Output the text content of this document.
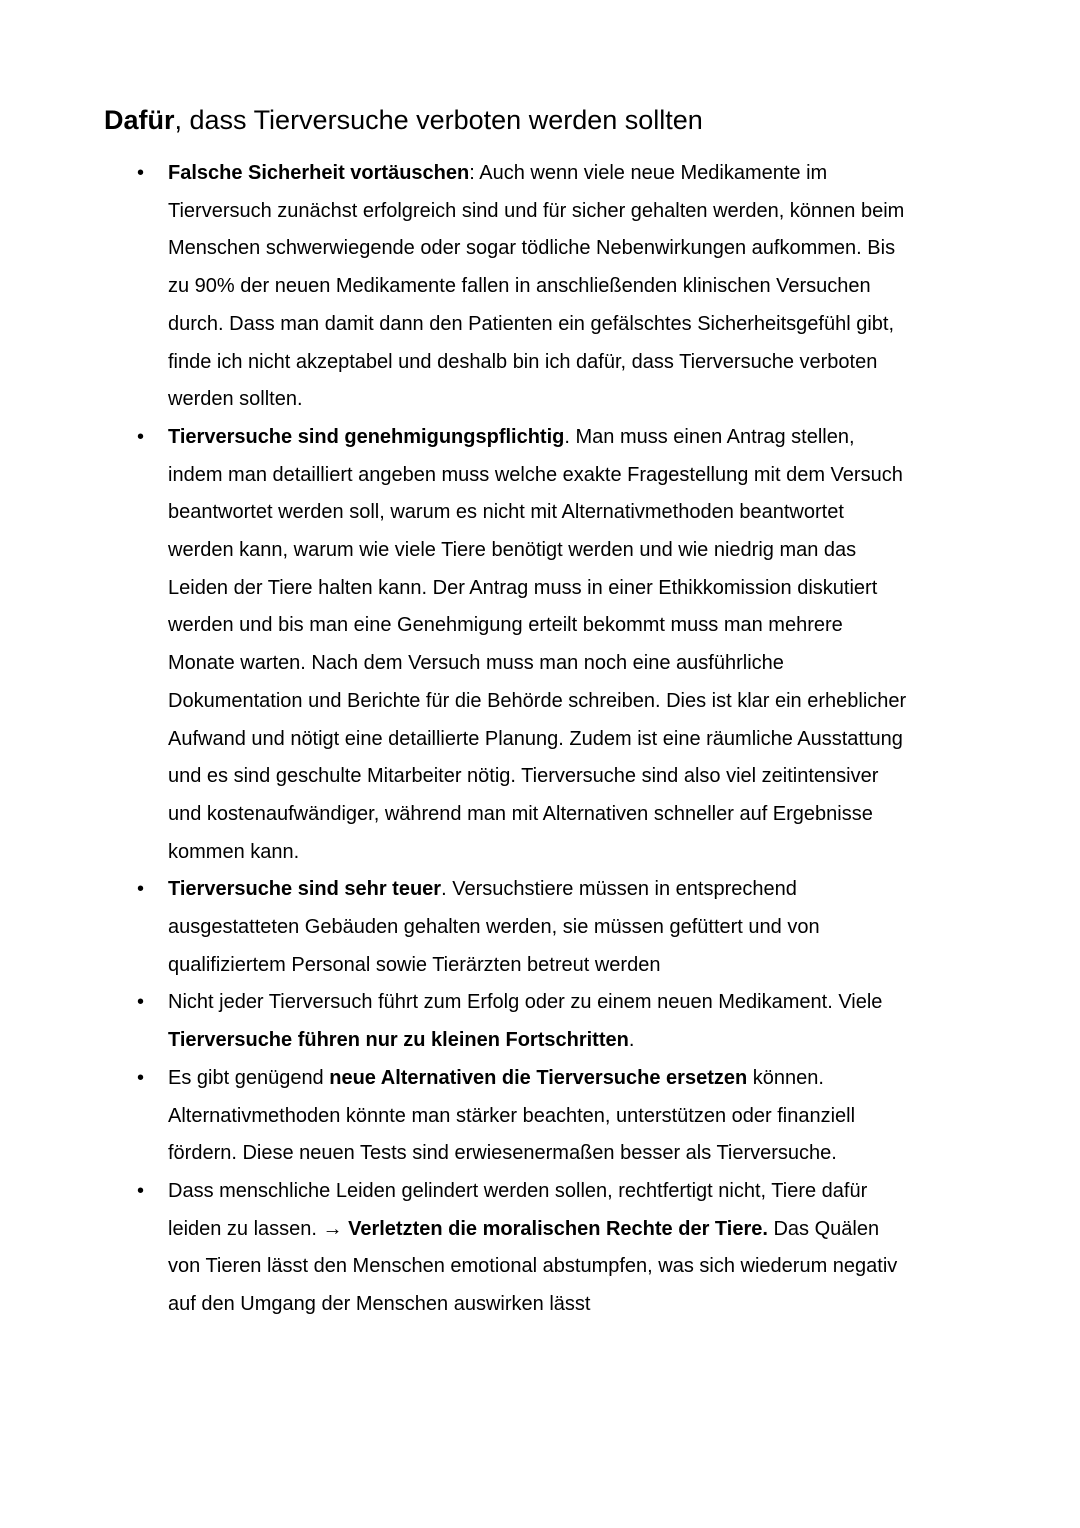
Dafür, dass Tierversuche verboten werden sollten
• Falsche Sicherheit vortäuschen: Auch wenn viele neue Medikamente im
Tierversuch zunächst erfolgreich sind und für sicher gehalten werden, können beim
Menschen schwerwiegende oder sogar tödliche Nebenwirkungen aufkommen. Bis
zu 90% der neuen Medikamente fallen in anschließenden klinischen Versuchen
durch. Dass man damit dann den Patienten ein gefälschtes Sicherheitsgefühl gibt,
finde ich nicht akzeptabel und deshalb bin ich dafür, dass Tierversuche verboten
werden sollten.
• Tierversuche sind genehmigungspflichtig. Man muss einen Antrag stellen,
indem man detailliert angeben muss welche exakte Fragestellung mit dem Versuch
beantwortet werden soll, warum es nicht mit Alternativmethoden beantwortet
werden kann, warum wie viele Tiere benötigt werden und wie niedrig man das
Leiden der Tiere halten kann. Der Antrag muss in einer Ethikkomission diskutiert
werden und bis man eine Genehmigung erteilt bekommt muss man mehrere
Monate warten. Nach dem Versuch muss man noch eine ausführliche
Dokumentation und Berichte für die Behörde schreiben. Dies ist klar ein erheblicher
Aufwand und nötigt eine detaillierte Planung. Zudem ist eine räumliche Ausstattung
und es sind geschulte Mitarbeiter nötig. Tierversuche sind also viel zeitintensiver
und kostenaufwändiger, während man mit Alternativen schneller auf Ergebnisse
kommen kann.
• Tierversuche sind sehr teuer. Versuchstiere müssen in entsprechend
ausgestatteten Gebäuden gehalten werden, sie müssen gefüttert und von
qualifiziertem Personal sowie Tierärzten betreut werden
• Nicht jeder Tierversuch führt zum Erfolg oder zu einem neuen Medikament. Viele
Tierversuche führen nur zu kleinen Fortschritten.
• Es gibt genügend neue Alternativen die Tierversuche ersetzen können.
Alternativmethoden könnte man stärker beachten, unterstützen oder finanziell
fördern. Diese neuen Tests sind erwiesenermaßen besser als Tierversuche.
• Dass menschliche Leiden gelindert werden sollen, rechtfertigt nicht, Tiere dafür
leiden zu lassen. → Verletzten die moralischen Rechte der Tiere. Das Quälen
von Tieren lässt den Menschen emotional abstumpfen, was sich wiederum negativ
auf den Umgang der Menschen auswirken lässt
